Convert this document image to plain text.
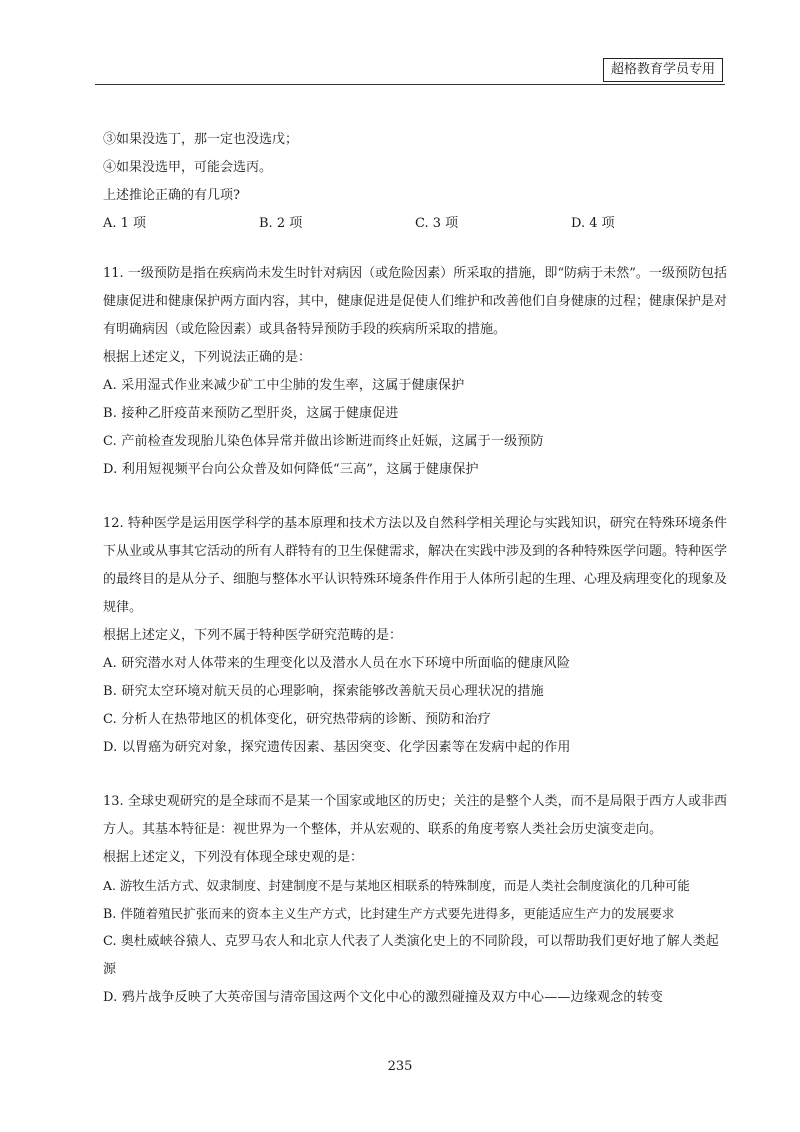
超格教育学员专用

③如果没选丁，那一定也没选戊；

④如果没选甲，可能会选丙。

上述推论正确的有几项?

A. 1 项	B. 2 项	C. 3 项	D. 4 项

11. 一级预防是指在疾病尚未发生时针对病因（或危险因素）所采取的措施，即“防病于未然”。一级预防包括健康促进和健康保护两方面内容，其中，健康促进是促使人们维护和改善他们自身健康的过程；健康保护是对有明确病因（或危险因素）或具备特异预防手段的疾病所采取的措施。

根据上述定义，下列说法正确的是：

A. 采用湿式作业来减少矿工中尘肺的发生率，这属于健康保护

B. 接种乙肝疫苗来预防乙型肝炎，这属于健康促进

C. 产前检查发现胎儿染色体异常并做出诊断进而终止妊娠，这属于一级预防

D. 利用短视频平台向公众普及如何降低“三高”，这属于健康保护

12. 特种医学是运用医学科学的基本原理和技术方法以及自然科学相关理论与实践知识，研究在特殊环境条件下从业或从事其它活动的所有人群特有的卫生保健需求，解决在实践中涉及到的各种特殊医学问题。特种医学的最终目的是从分子、细胞与整体水平认识特殊环境条件作用于人体所引起的生理、心理及病理变化的现象及规律。

根据上述定义，下列不属于特种医学研究范畴的是：

A. 研究潜水对人体带来的生理变化以及潜水人员在水下环境中所面临的健康风险

B. 研究太空环境对航天员的心理影响，探索能够改善航天员心理状况的措施

C. 分析人在热带地区的机体变化，研究热带病的诊断、预防和治疗

D. 以胃癌为研究对象，探究遗传因素、基因突变、化学因素等在发病中起的作用

13. 全球史观研究的是全球而不是某一个国家或地区的历史；关注的是整个人类，而不是局限于西方人或非西方人。其基本特征是：视世界为一个整体，并从宏观的、联系的角度考察人类社会历史演变走向。

根据上述定义，下列没有体现全球史观的是：

A. 游牧生活方式、奴隶制度、封建制度不是与某地区相联系的特殊制度，而是人类社会制度演化的几种可能

B. 伴随着殖民扩张而来的资本主义生产方式，比封建生产方式要先进得多，更能适应生产力的发展要求

C. 奥杜威峡谷猿人、克罗马农人和北京人代表了人类演化史上的不同阶段，可以帮助我们更好地了解人类起源

D. 鸦片战争反映了大英帝国与清帝国这两个文化中心的激烈碰撞及双方中心——边缘观念的转变

235
